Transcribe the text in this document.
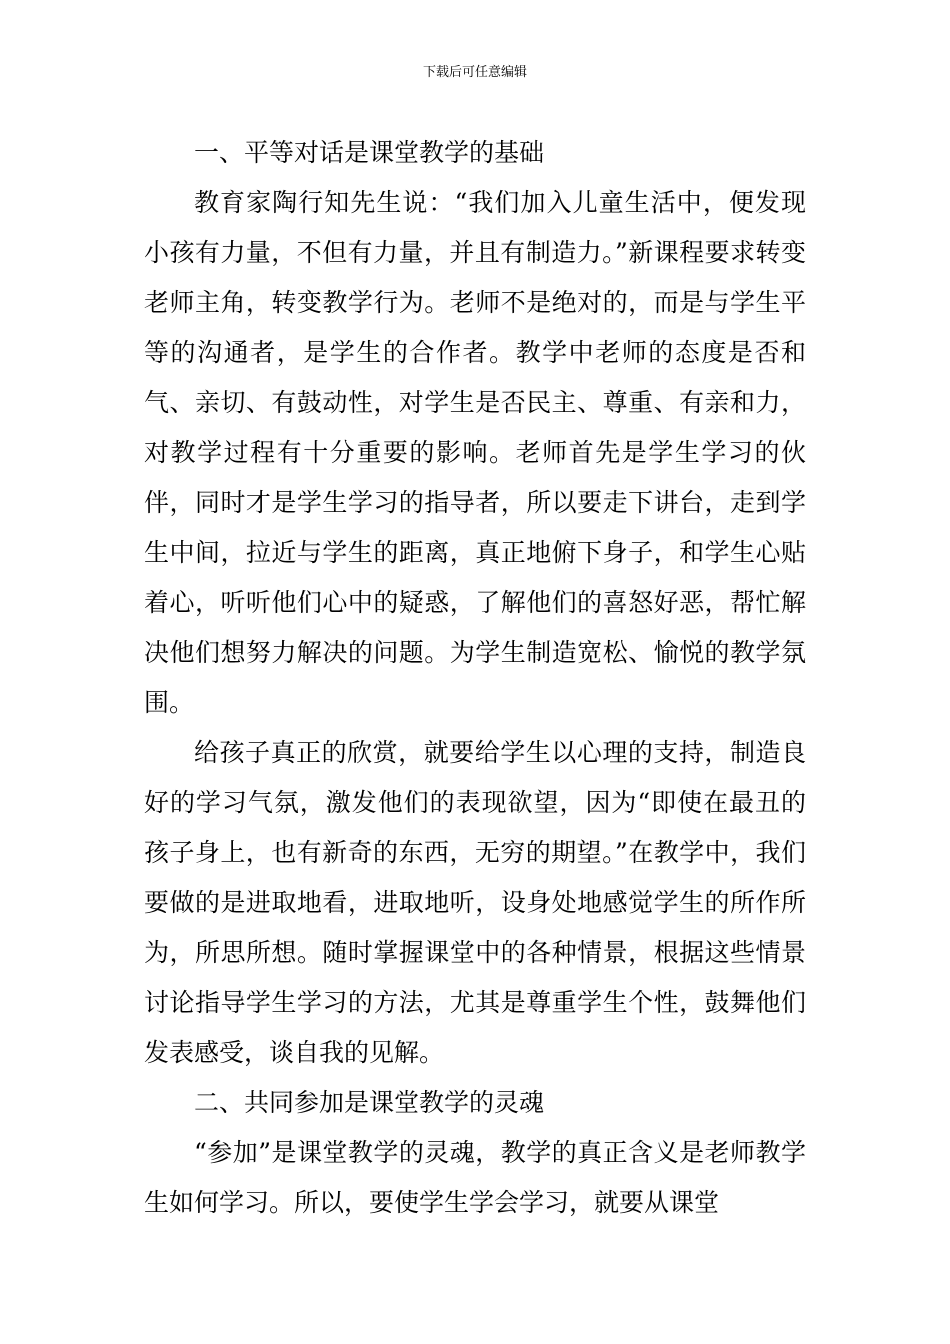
下载后可任意编辑
一、平等对话是课堂教学的基础

教育家陶行知先生说：“我们加入儿童生活中，便发现小孩有力量，不但有力量，并且有制造力。”新课程要求转变老师主角，转变教学行为。老师不是绝对的，而是与学生平等的沟通者，是学生的合作者。教学中老师的态度是否和气、亲切、有鼓动性，对学生是否民主、尊重、有亲和力，对教学过程有十分重要的影响。老师首先是学生学习的伙伴，同时才是学生学习的指导者，所以要走下讲台，走到学生中间，拉近与学生的距离，真正地俯下身子，和学生心贴着心，听听他们心中的疑惑，了解他们的喜怒好恶，帮忙解决他们想努力解决的问题。为学生制造宽松、愉悦的教学氛围。

给孩子真正的欣赏，就要给学生以心理的支持，制造良好的学习气氛，激发他们的表现欲望，因为“即使在最丑的孩子身上，也有新奇的东西，无穷的期望。”在教学中，我们要做的是进取地看，进取地听，设身处地感觉学生的所作所为，所思所想。随时掌握课堂中的各种情景，根据这些情景讨论指导学生学习的方法，尤其是尊重学生个性，鼓舞他们发表感受，谈自我的见解。

二、共同参加是课堂教学的灵魂

“参加”是课堂教学的灵魂，教学的真正含义是老师教学生如何学习。所以，要使学生学会学习，就要从课堂
